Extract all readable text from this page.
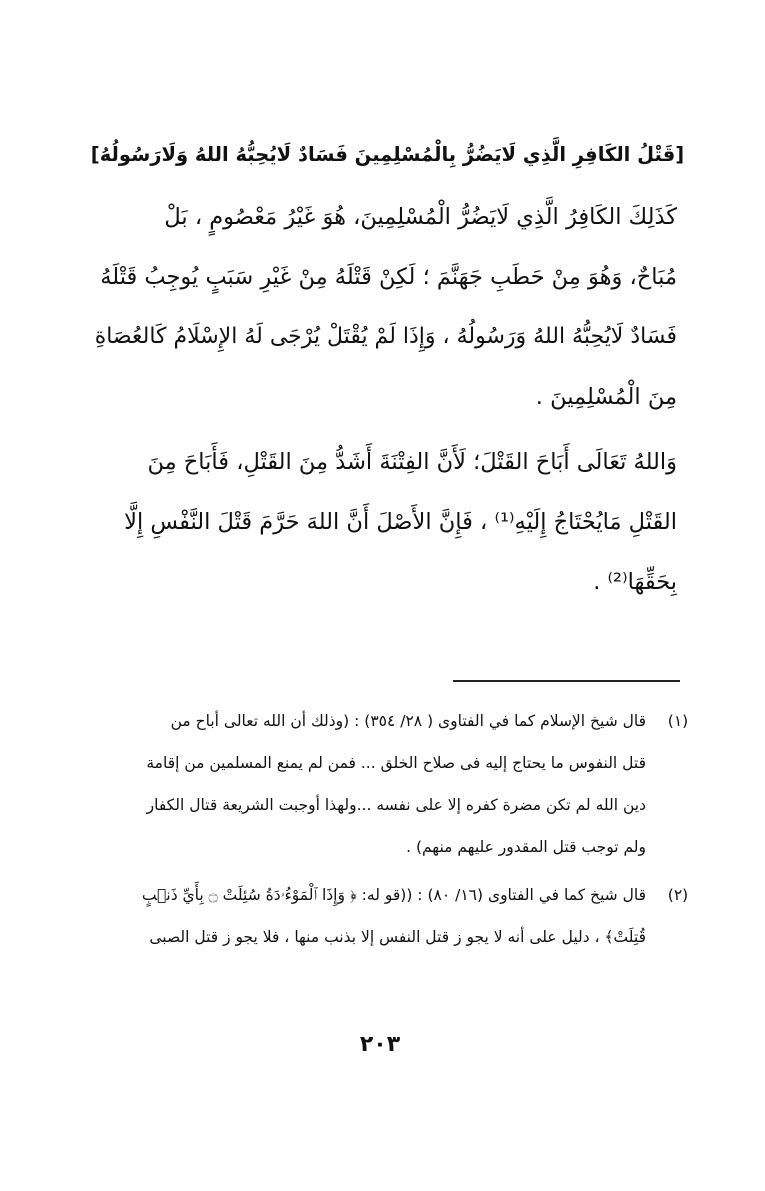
[قَتْلُ الكَافِرِ الَّذِي لَايَضُرُّ بِالْمُسْلِمِينَ فَسَادٌ لَايُحِبُّهُ اللهُ وَلَارَسُولُهُ]
كَذَلِكَ الكَافِرُ الَّذِي لَايَضُرُّ الْمُسْلِمِينَ، هُوَ غَيْرُ مَعْصُومٍ ، بَلْ
مُبَاحٌ، وَهُوَ مِنْ حَطَبِ جَهَنَّمَ ؛ لَكِنْ قَتْلَهُ مِنْ غَيْرِ سَبَبٍ يُوجِبُ قَتْلَهُ
فَسَادٌ لَايُحِبُّهُ اللهُ وَرَسُولُهُ ، وَإِذَا لَمْ يُقْتَلْ يُرْجَى لَهُ الإِسْلَامُ كَالعُصَاةِ
مِنَ الْمُسْلِمِينَ .
وَاللهُ تَعَالَى أَبَاحَ القَتْلَ؛ لَأَنَّ الفِتْنَةَ أَشَدُّ مِنَ القَتْلِ، فَأَبَاحَ مِنَ
القَتْلِ مَايُحْتَاجُ إِلَيْهِ⁽¹⁾ ، فَإِنَّ الأَصْلَ أَنَّ اللهَ حَرَّمَ قَتْلَ النَّفْسِ إِلَّا
بِحَقِّهَا⁽²⁾ .
(١)
قال شيخ الإسلام كما في الفتاوى ( ٢٨/ ٣٥٤) : (وذلك أن الله تعالى أباح من
قتل النفوس ما يحتاج إليه فى صلاح الخلق ... فمن لم يمنع المسلمين من إقامة
دين الله لم تكن مضرة كفره إلا على نفسه ...ولهذا أوجبت الشريعة قتال الكفار
ولم توجب قتل المقدور عليهم منهم) .
(٢)
قال شيخ كما في الفتاوى (١٦/ ٨٠) : ((قو له: ﴿ وَإِذَا ٱلْمَوْءُۥدَةُ سُئِلَتْ ۝ بِأَيِّ ذَنۢبٍ
قُتِلَتْ﴾ ، دليل على أنه لا يجو ز قتل النفس إلا بذنب منها ، فلا يجو ز قتل الصبى
٢٠٣
